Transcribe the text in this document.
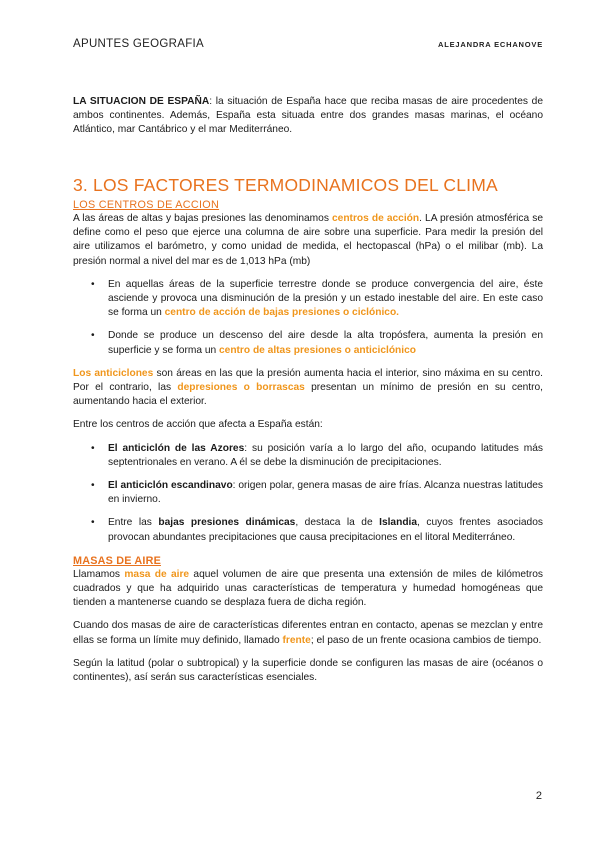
APUNTES GEOGRAFIA	ALEJANDRA ECHANOVE

LA SITUACION DE ESPAÑA: la situación de España hace que reciba masas de aire procedentes de ambos continentes. Además, España esta situada entre dos grandes masas marinas, el océano Atlántico, mar Cantábrico y el mar Mediterráneo.

3. LOS FACTORES TERMODINAMICOS DEL CLIMA
LOS CENTROS DE ACCION

A las áreas de altas y bajas presiones las denominamos centros de acción. LA presión atmosférica se define como el peso que ejerce una columna de aire sobre una superficie. Para medir la presión del aire utilizamos el barómetro, y como unidad de medida, el hectopascal (hPa) o el milibar (mb). La presión normal a nivel del mar es de 1,013 hPa (mb)

• En aquellas áreas de la superficie terrestre donde se produce convergencia del aire, éste asciende y provoca una disminución de la presión y un estado inestable del aire. En este caso se forma un centro de acción de bajas presiones o ciclónico.
• Donde se produce un descenso del aire desde la alta tropósfera, aumenta la presión en superficie y se forma un centro de altas presiones o anticiclónico

Los anticiclones son áreas en las que la presión aumenta hacia el interior, sino máxima en su centro. Por el contrario, las depresiones o borrascas presentan un mínimo de presión en su centro, aumentando hacia el exterior.

Entre los centros de acción que afecta a España están:

• El anticiclón de las Azores: su posición varía a lo largo del año, ocupando latitudes más septentrionales en verano. A él se debe la disminución de precipitaciones.
• El anticiclón escandinavo: origen polar, genera masas de aire frías. Alcanza nuestras latitudes en invierno.
• Entre las bajas presiones dinámicas, destaca la de Islandia, cuyos frentes asociados provocan abundantes precipitaciones que causa precipitaciones en el litoral Mediterráneo.
MASAS DE AIRE

Llamamos masa de aire aquel volumen de aire que presenta una extensión de miles de kilómetros cuadrados y que ha adquirido unas características de temperatura y humedad homogéneas que tienden a mantenerse cuando se desplaza fuera de dicha región.

Cuando dos masas de aire de características diferentes entran en contacto, apenas se mezclan y entre ellas se forma un límite muy definido, llamado frente; el paso de un frente ocasiona cambios de tiempo.

Según la latitud (polar o subtropical) y la superficie donde se configuren las masas de aire (océanos o continentes), así serán sus características esenciales.

2
